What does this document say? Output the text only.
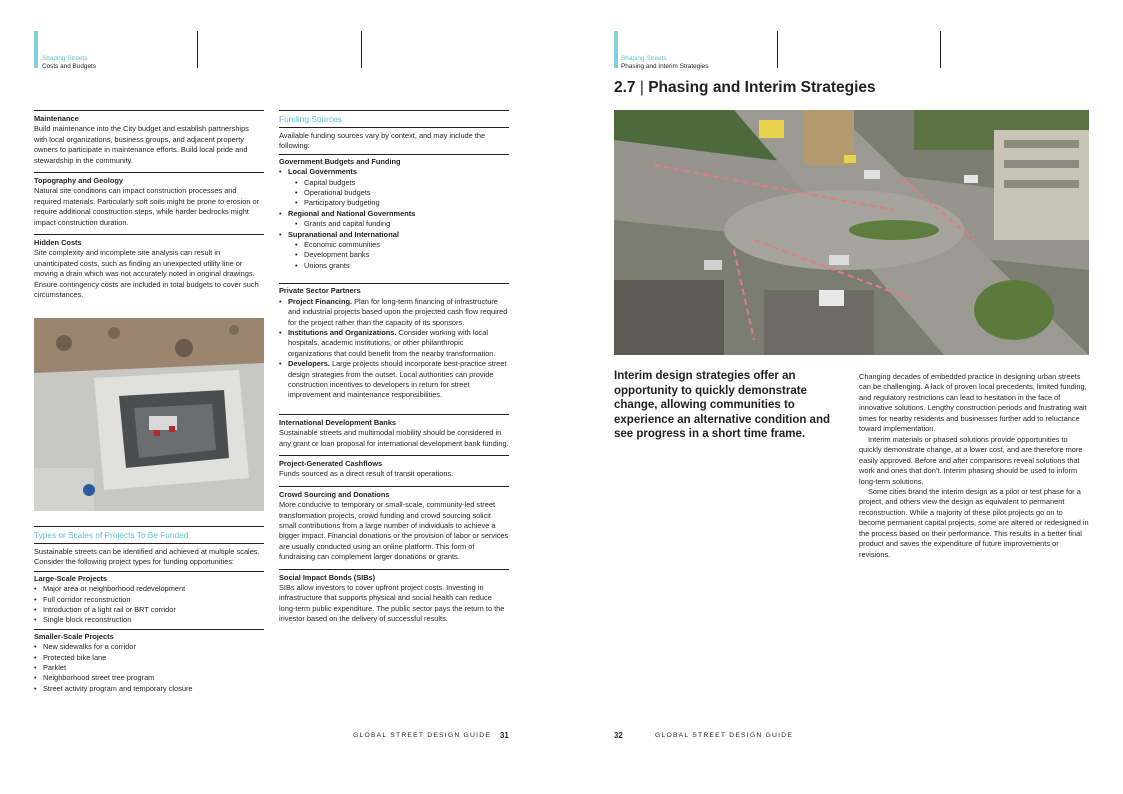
Shaping Streets
Costs and Budgets
Maintenance

Build maintenance into the City budget and establish partnerships with local organizations, business groups, and adjacent property owners to participate in maintenance efforts. Build local pride and stewardship in the community.

Topography and Geology

Natural site conditions can impact construction processes and required materials. Particularly soft soils might be prone to erosion or require additional construction steps, while harder bedrocks might impact construction duration.

Hidden Costs

Site complexity and incomplete site analysis can result in unanticipated costs, such as finding an unexpected utility line or moving a drain which was not accurately noted in original drawings. Ensure contingency costs are included in total budgets to cover such circumstances.

Types or Scales of Projects To Be Funded

Sustainable streets can be identified and achieved at multiple scales. Consider the following project types for funding opportunities:

Large-Scale Projects
• Major area or neighborhood redevelopment
• Full corridor reconstruction
• Introduction of a light rail or BRT corridor
• Single block reconstruction
Smaller-Scale Projects
• New sidewalks for a corridor
• Protected bike lane
• Parklet
• Neighborhood street tree program
• Street activity program and temporary closure
Funding Sources

Available funding sources vary by context, and may include the following:

Government Budgets and Funding
• Local Governments
• Capital budgets
• Operational budgets
• Participatory budgeting
• Regional and National Governments
• Grants and capital funding
• Supranational and International
• Economic communities
• Development banks
• Unions grants
Private Sector Partners
• Project Financing. Plan for long-term financing of infrastructure and industrial projects based upon the projected cash flow required for the project rather than the capacity of its sponsors.
• Institutions and Organizations. Consider working with local hospitals, academic institutions, or other philanthropic organizations that could benefit from the nearby transformation.
• Developers. Large projects should incorporate best-practice street design strategies from the outset. Local authorities can provide construction incentives to developers in return for street improvement and maintenance responsibilities.
International Development Banks

Sustainable streets and multimodal mobility should be considered in any grant or loan proposal for international development bank funding.

Project-Generated Cashflows

Funds sourced as a direct result of transit operations.

Crowd Sourcing and Donations

More conducive to temporary or small-scale, community-led street transformation projects, crowd funding and crowd sourcing solicit small contributions from a large number of individuals to achieve a bigger impact. Financial donations or the provision of labor or services are usually conducted using an online platform. This form of fundraising can complement larger donations or grants.

Social Impact Bonds (SIBs)

SIBs allow investors to cover upfront project costs. Investing in infrastructure that supports physical and social health can reduce long-term public expenditure. The public sector pays the return to the investor based on the delivery of successful results.

GLOBAL STREET DESIGN GUIDE 31
Shaping Streets
Phasing and Interim Strategies
2.7 | Phasing and Interim Strategies
Interim design strategies offer an opportunity to quickly demonstrate change, allowing communities to experience an alternative condition and see progress in a short time frame.

Changing decades of embedded practice in designing urban streets can be challenging. A lack of proven local precedents, limited funding, and regulatory restrictions can lead to hesitation in the face of innovative solutions. Lengthy construction periods and frustrating wait times for nearby residents and businesses further add to reluctance toward implementation.

Interim materials or phased solutions provide opportunities to quickly demonstrate change, at a lower cost, and are therefore more easily approved. Before and after comparisons reveal solutions that work and ones that don’t. Interim phasing should be used to inform long-term solutions.

Some cities brand the interim design as a pilot or test phase for a project, and others view the design as equivalent to permanent reconstruction. While a majority of these pilot projects go on to become permanent capital projects, some are altered or redesigned in the process based on their performance. This results in a better final product and saves the expenditure of future improvements or revisions.

32	GLOBAL STREET DESIGN GUIDE
